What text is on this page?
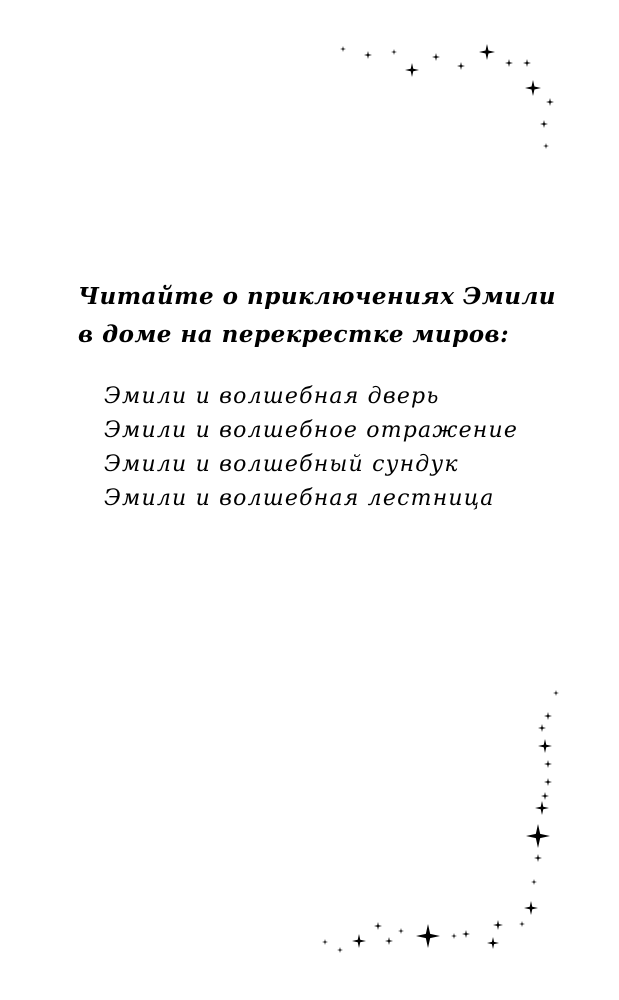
Читайте о приключениях Эмили
в доме на перекрестке миров:
Эмили и волшебная дверь
Эмили и волшебное отражение
Эмили и волшебный сундук
Эмили и волшебная лестница
